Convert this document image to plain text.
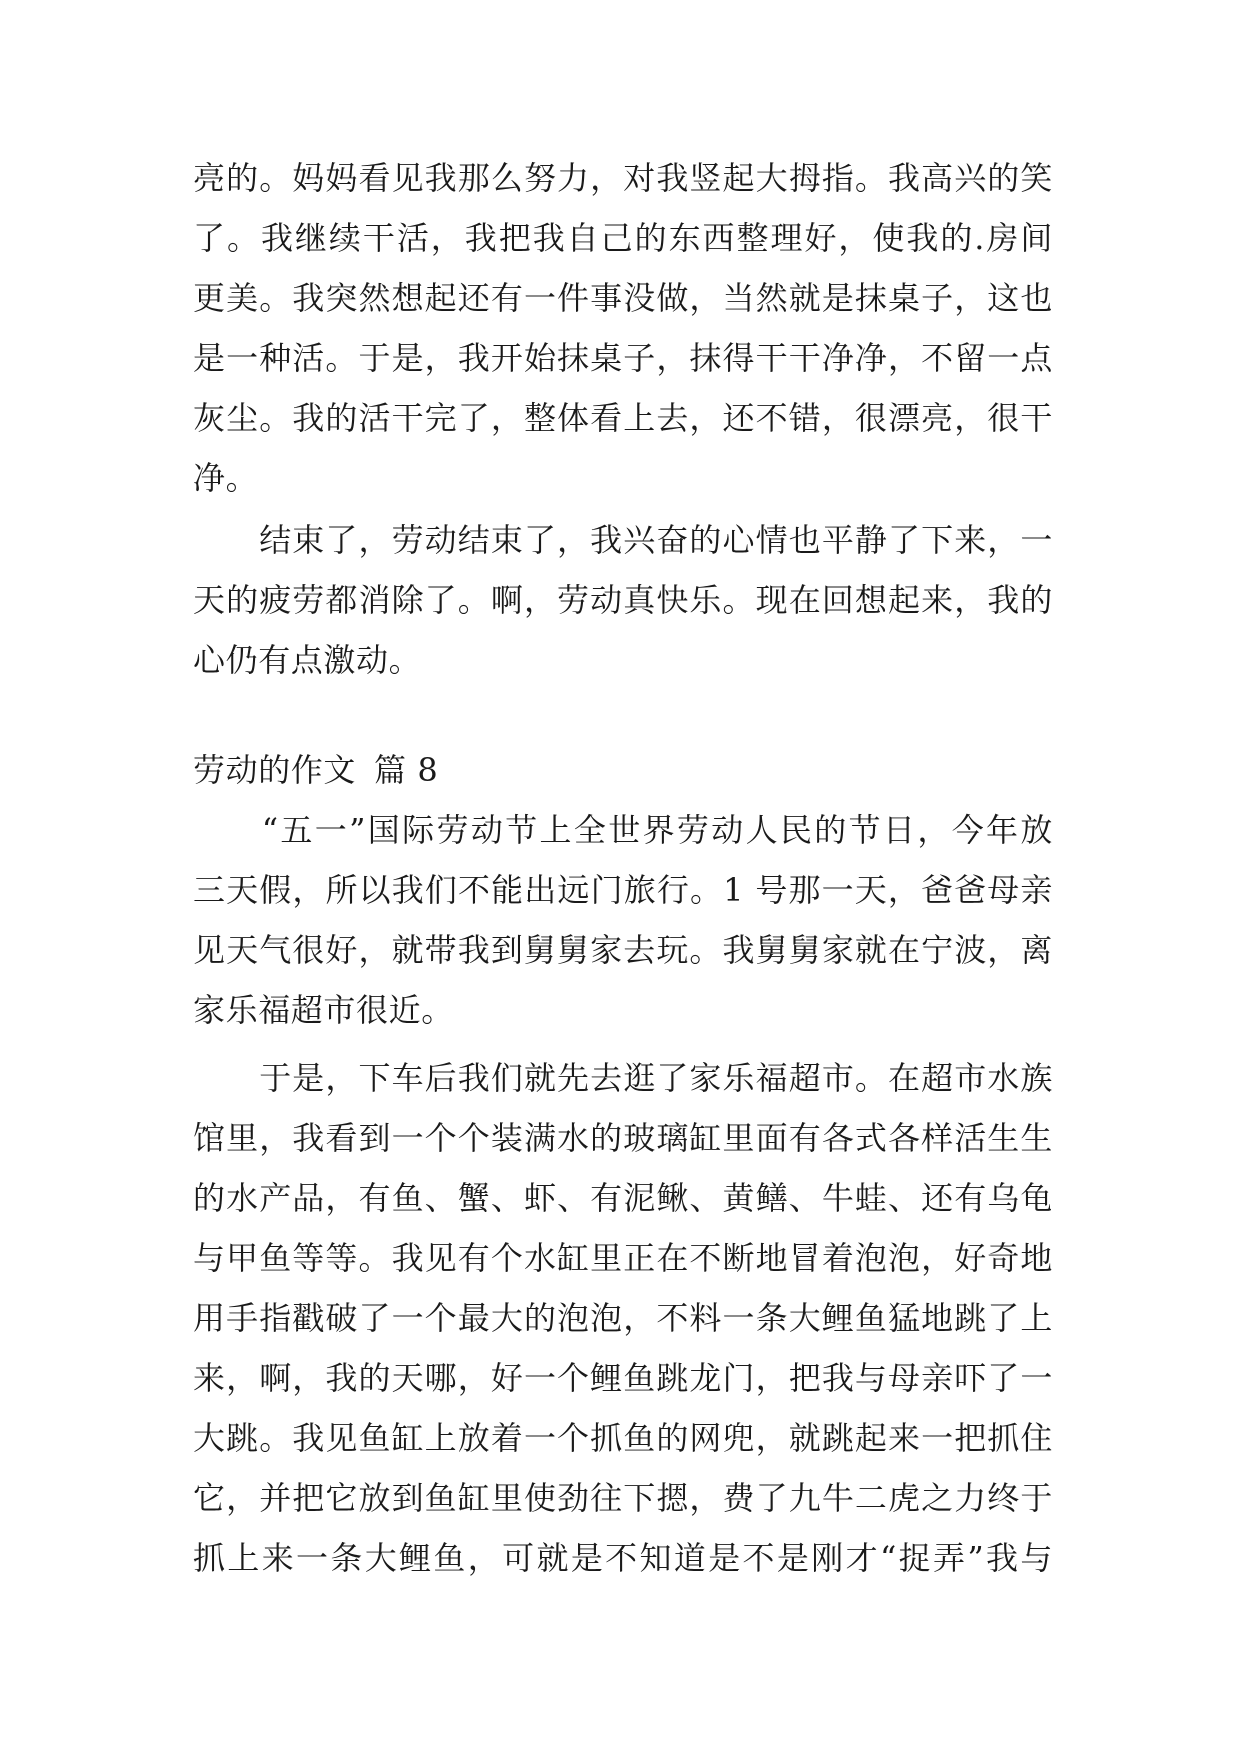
亮的。妈妈看见我那么努力，对我竖起大拇指。我高兴的笑
了。我继续干活，我把我自己的东西整理好，使我的.房间
更美。我突然想起还有一件事没做，当然就是抹桌子，这也
是一种活。于是，我开始抹桌子，抹得干干净净，不留一点
灰尘。我的活干完了，整体看上去，还不错，很漂亮，很干
净。
　　结束了，劳动结束了，我兴奋的心情也平静了下来，一
天的疲劳都消除了。啊，劳动真快乐。现在回想起来，我的
心仍有点激动。
劳动的作文 篇 8
　　“五一”国际劳动节上全世界劳动人民的节日，今年放
三天假，所以我们不能出远门旅行。1 号那一天，爸爸母亲
见天气很好，就带我到舅舅家去玩。我舅舅家就在宁波，离
家乐福超市很近。
　　于是，下车后我们就先去逛了家乐福超市。在超市水族
馆里，我看到一个个装满水的玻璃缸里面有各式各样活生生
的水产品，有鱼、蟹、虾、有泥鳅、黄鳝、牛蛙、还有乌龟
与甲鱼等等。我见有个水缸里正在不断地冒着泡泡，好奇地
用手指戳破了一个最大的泡泡，不料一条大鲤鱼猛地跳了上
来，啊，我的天哪，好一个鲤鱼跳龙门，把我与母亲吓了一
大跳。我见鱼缸上放着一个抓鱼的网兜，就跳起来一把抓住
它，并把它放到鱼缸里使劲往下摁，费了九牛二虎之力终于
抓上来一条大鲤鱼，可就是不知道是不是刚才“捉弄”我与
